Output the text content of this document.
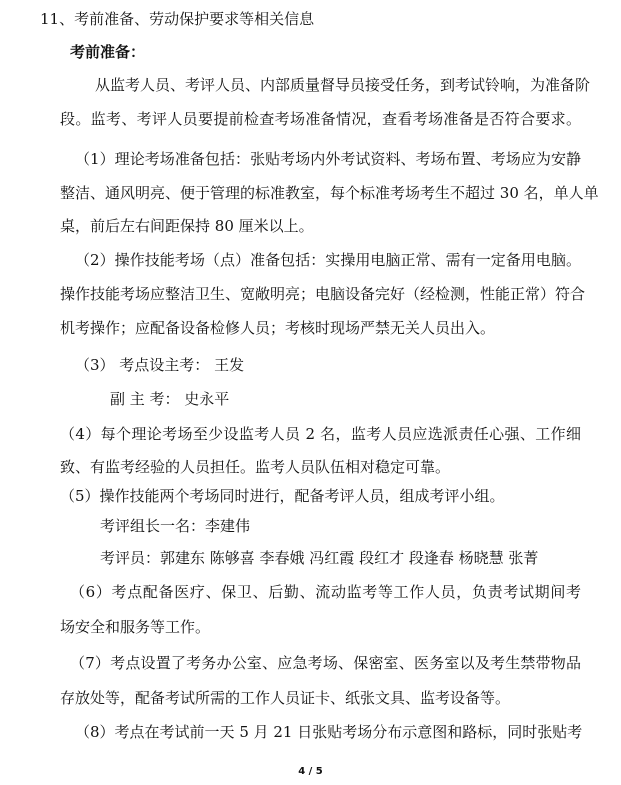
11、考前准备、劳动保护要求等相关信息
考前准备：
从监考人员、考评人员、内部质量督导员接受任务，到考试铃响，为准备阶
段。监考、考评人员要提前检查考场准备情况，查看考场准备是否符合要求。
（1）理论考场准备包括：张贴考场内外考试资料、考场布置、考场应为安静
整洁、通风明亮、便于管理的标准教室，每个标准考场考生不超过 30 名，单人单
桌，前后左右间距保持 80 厘米以上。
（2）操作技能考场（点）准备包括：实操用电脑正常、需有一定备用电脑。
操作技能考场应整洁卫生、宽敞明亮；电脑设备完好（经检测，性能正常）符合
机考操作；应配备设备检修人员；考核时现场严禁无关人员出入。
（3） 考点设主考： 王发
副 主 考： 史永平
（4）每个理论考场至少设监考人员 2 名，监考人员应选派责任心强、工作细
致、有监考经验的人员担任。监考人员队伍相对稳定可靠。
（5）操作技能两个考场同时进行，配备考评人员，组成考评小组。
考评组长一名：李建伟
考评员：郭建东 陈够喜 李春娥 冯红霞 段红才 段逢春 杨晓慧 张菁
（6）考点配备医疗、保卫、后勤、流动监考等工作人员，负责考试期间考
场安全和服务等工作。
（7）考点设置了考务办公室、应急考场、保密室、医务室以及考生禁带物品
存放处等，配备考试所需的工作人员证卡、纸张文具、监考设备等。
（8）考点在考试前一天 5 月 21 日张贴考场分布示意图和路标，同时张贴考
4 / 5
